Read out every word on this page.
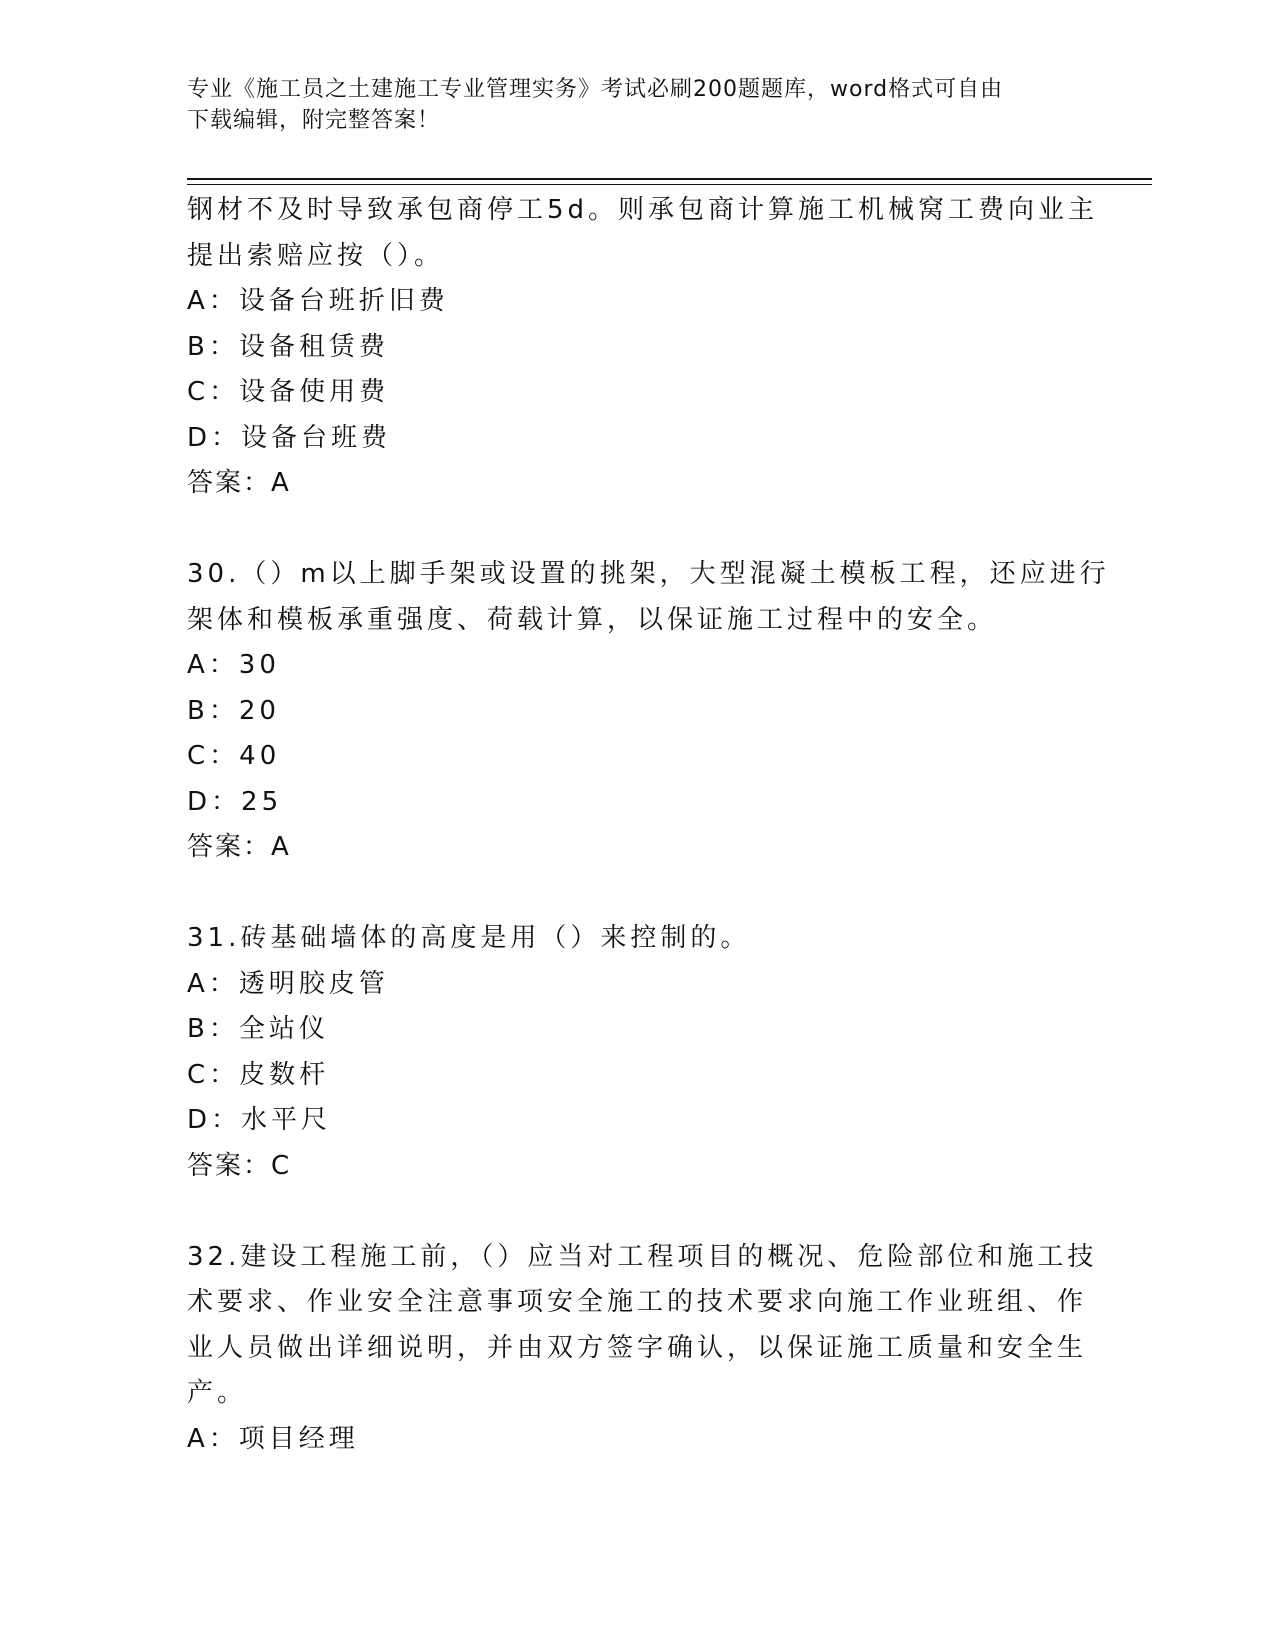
专业《施工员之土建施工专业管理实务》考试必刷200题题库，word格式可自由
下载编辑，附完整答案！
钢材不及时导致承包商停工5d。则承包商计算施工机械窝工费向业主
提出索赔应按（）。
A：设备台班折旧费
B：设备租赁费
C：设备使用费
D：设备台班费
答案：A
30.（）m以上脚手架或设置的挑架，大型混凝土模板工程，还应进行
架体和模板承重强度、荷载计算，以保证施工过程中的安全。
A：30
B：20
C：40
D：25
答案：A
31.砖基础墙体的高度是用（）来控制的。
A：透明胶皮管
B：全站仪
C：皮数杆
D：水平尺
答案：C
32.建设工程施工前，（）应当对工程项目的概况、危险部位和施工技
术要求、作业安全注意事项安全施工的技术要求向施工作业班组、作
业人员做出详细说明，并由双方签字确认，以保证施工质量和安全生
产。
A：项目经理
